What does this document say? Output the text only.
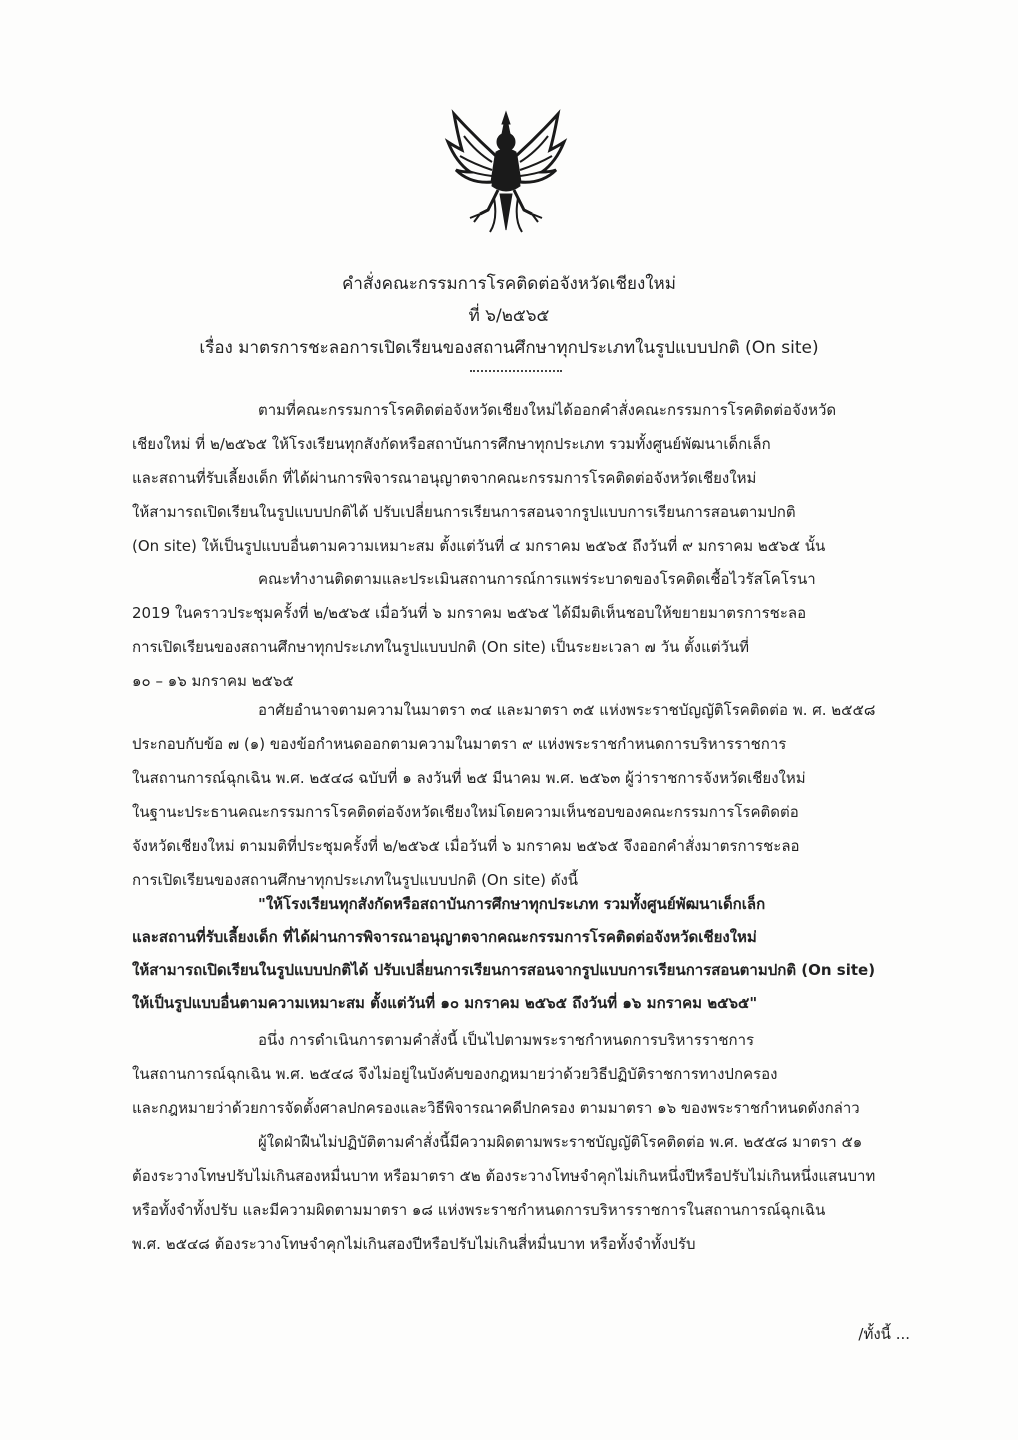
คำสั่งคณะกรรมการโรคติดต่อจังหวัดเชียงใหม่
ที่ ๖/๒๕๖๕
เรื่อง มาตรการชะลอการเปิดเรียนของสถานศึกษาทุกประเภทในรูปแบบปกติ (On site)
ตามที่คณะกรรมการโรคติดต่อจังหวัดเชียงใหม่ได้ออกคำสั่งคณะกรรมการโรคติดต่อจังหวัด
เชียงใหม่ ที่ ๒/๒๕๖๕ ให้โรงเรียนทุกสังกัดหรือสถาบันการศึกษาทุกประเภท รวมทั้งศูนย์พัฒนาเด็กเล็ก
และสถานที่รับเลี้ยงเด็ก ที่ได้ผ่านการพิจารณาอนุญาตจากคณะกรรมการโรคติดต่อจังหวัดเชียงใหม่
ให้สามารถเปิดเรียนในรูปแบบปกติได้ ปรับเปลี่ยนการเรียนการสอนจากรูปแบบการเรียนการสอนตามปกติ
(On site) ให้เป็นรูปแบบอื่นตามความเหมาะสม ตั้งแต่วันที่ ๔ มกราคม ๒๕๖๕ ถึงวันที่ ๙ มกราคม ๒๕๖๕ นั้น
คณะทำงานติดตามและประเมินสถานการณ์การแพร่ระบาดของโรคติดเชื้อไวรัสโคโรนา
2019 ในคราวประชุมครั้งที่ ๒/๒๕๖๕ เมื่อวันที่ ๖ มกราคม ๒๕๖๕ ได้มีมติเห็นชอบให้ขยายมาตรการชะลอ
การเปิดเรียนของสถานศึกษาทุกประเภทในรูปแบบปกติ (On site) เป็นระยะเวลา ๗ วัน ตั้งแต่วันที่
๑๐ – ๑๖ มกราคม ๒๕๖๕
อาศัยอำนาจตามความในมาตรา ๓๔ และมาตรา ๓๕ แห่งพระราชบัญญัติโรคติดต่อ พ. ศ. ๒๕๕๘
ประกอบกับข้อ ๗ (๑) ของข้อกำหนดออกตามความในมาตรา ๙ แห่งพระราชกำหนดการบริหารราชการ
ในสถานการณ์ฉุกเฉิน พ.ศ. ๒๕๔๘ ฉบับที่ ๑ ลงวันที่ ๒๕ มีนาคม พ.ศ. ๒๕๖๓ ผู้ว่าราชการจังหวัดเชียงใหม่
ในฐานะประธานคณะกรรมการโรคติดต่อจังหวัดเชียงใหม่โดยความเห็นชอบของคณะกรรมการโรคติดต่อ
จังหวัดเชียงใหม่ ตามมติที่ประชุมครั้งที่ ๒/๒๕๖๕ เมื่อวันที่ ๖ มกราคม ๒๕๖๕ จึงออกคำสั่งมาตรการชะลอ
การเปิดเรียนของสถานศึกษาทุกประเภทในรูปแบบปกติ (On site) ดังนี้
"ให้โรงเรียนทุกสังกัดหรือสถาบันการศึกษาทุกประเภท รวมทั้งศูนย์พัฒนาเด็กเล็ก
และสถานที่รับเลี้ยงเด็ก ที่ได้ผ่านการพิจารณาอนุญาตจากคณะกรรมการโรคติดต่อจังหวัดเชียงใหม่
ให้สามารถเปิดเรียนในรูปแบบปกติได้ ปรับเปลี่ยนการเรียนการสอนจากรูปแบบการเรียนการสอนตามปกติ (On site)
ให้เป็นรูปแบบอื่นตามความเหมาะสม ตั้งแต่วันที่ ๑๐ มกราคม ๒๕๖๕ ถึงวันที่ ๑๖ มกราคม ๒๕๖๕"
อนึ่ง การดำเนินการตามคำสั่งนี้ เป็นไปตามพระราชกำหนดการบริหารราชการ
ในสถานการณ์ฉุกเฉิน พ.ศ. ๒๕๔๘ จึงไม่อยู่ในบังคับของกฎหมายว่าด้วยวิธีปฏิบัติราชการทางปกครอง
และกฎหมายว่าด้วยการจัดตั้งศาลปกครองและวิธีพิจารณาคดีปกครอง ตามมาตรา ๑๖ ของพระราชกำหนดดังกล่าว
ผู้ใดฝ่าฝืนไม่ปฏิบัติตามคำสั่งนี้มีความผิดตามพระราชบัญญัติโรคติดต่อ พ.ศ. ๒๕๕๘ มาตรา ๕๑
ต้องระวางโทษปรับไม่เกินสองหมื่นบาท หรือมาตรา ๕๒ ต้องระวางโทษจำคุกไม่เกินหนึ่งปีหรือปรับไม่เกินหนึ่งแสนบาท
หรือทั้งจำทั้งปรับ และมีความผิดตามมาตรา ๑๘ แห่งพระราชกำหนดการบริหารราชการในสถานการณ์ฉุกเฉิน
พ.ศ. ๒๕๔๘ ต้องระวางโทษจำคุกไม่เกินสองปีหรือปรับไม่เกินสี่หมื่นบาท หรือทั้งจำทั้งปรับ
/ทั้งนี้ ...
